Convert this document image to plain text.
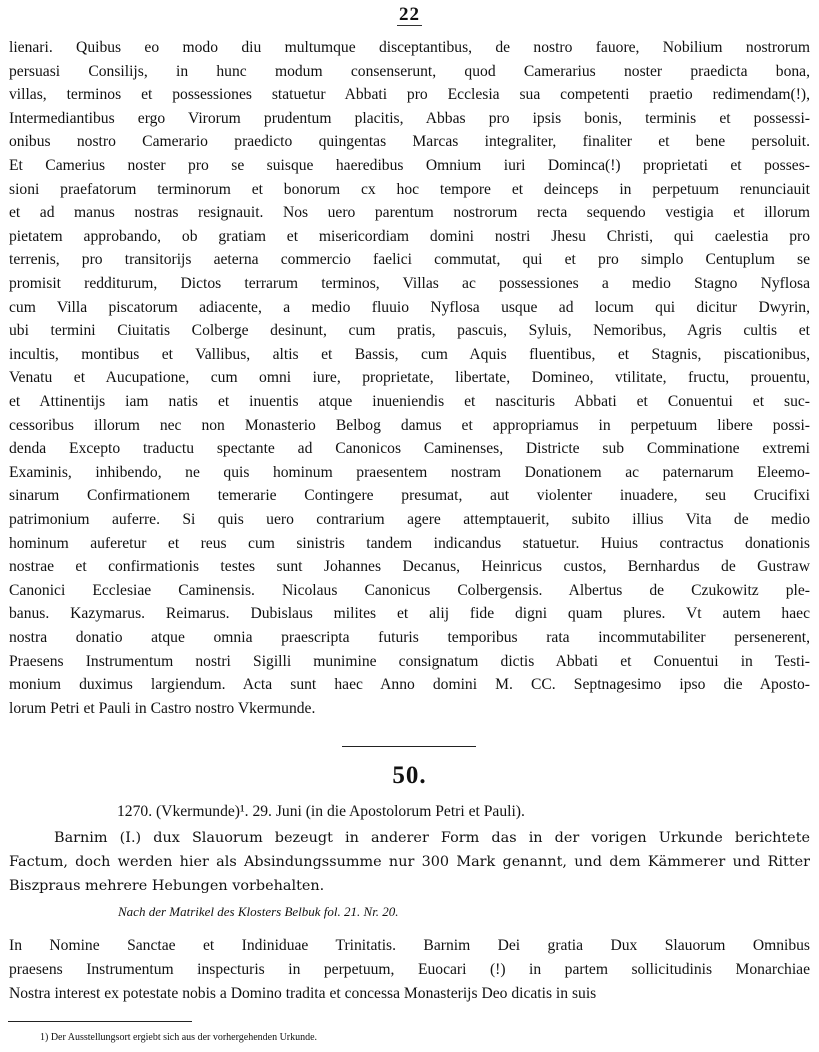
22
lienari. Quibus eo modo diu multumque disceptantibus, de nostro fauore, Nobilium nostrorum
persuasi Consilijs, in hunc modum consenserunt, quod Camerarius noster praedicta bona,
villas, terminos et possessiones statuetur Abbati pro Ecclesia sua competenti praetio redimendam(!),
Intermediantibus ergo Virorum prudentum placitis, Abbas pro ipsis bonis, terminis et possessi-
onibus nostro Camerario praedicto quingentas Marcas integraliter, finaliter et bene persoluit.
Et Camerius noster pro se suisque haeredibus Omnium iuri Dominca(!) proprietati et posses-
sioni praefatorum terminorum et bonorum cx hoc tempore et deinceps in perpetuum renunciauit
et ad manus nostras resignauit. Nos uero parentum nostrorum recta sequendo vestigia et illorum
pietatem approbando, ob gratiam et misericordiam domini nostri Jhesu Christi, qui caelestia pro
terrenis, pro transitorijs aeterna commercio faelici commutat, qui et pro simplo Centuplum se
promisit redditurum, Dictos terrarum terminos, Villas ac possessiones a medio Stagno Nyflosa
cum Villa piscatorum adiacente, a medio fluuio Nyflosa usque ad locum qui dicitur Dwyrin,
ubi termini Ciuitatis Colberge desinunt, cum pratis, pascuis, Syluis, Nemoribus, Agris cultis et
incultis, montibus et Vallibus, altis et Bassis, cum Aquis fluentibus, et Stagnis, piscationibus,
Venatu et Aucupatione, cum omni iure, proprietate, libertate, Domineo, vtilitate, fructu, prouentu,
et Attinentijs iam natis et inuentis atque inueniendis et nascituris Abbati et Conuentui et suc-
cessoribus illorum nec non Monasterio Belbog damus et appropriamus in perpetuum libere possi-
denda Excepto traductu spectante ad Canonicos Caminenses, Districte sub Comminatione extremi
Examinis, inhibendo, ne quis hominum praesentem nostram Donationem ac paternarum Eleemo-
sinarum Confirmationem temerarie Contingere presumat, aut violenter inuadere, seu Crucifixi
patrimonium auferre. Si quis uero contrarium agere attemptauerit, subito illius Vita de medio
hominum auferetur et reus cum sinistris tandem indicandus statuetur. Huius contractus donationis
nostrae et confirmationis testes sunt Johannes Decanus, Heinricus custos, Bernhardus de Gustraw
Canonici Ecclesiae Caminensis. Nicolaus Canonicus Colbergensis. Albertus de Czukowitz ple-
banus. Kazymarus. Reimarus. Dubislaus milites et alij fide digni quam plures. Vt autem haec
nostra donatio atque omnia praescripta futuris temporibus rata incommutabiliter persenerent,
Praesens Instrumentum nostri Sigilli munimine consignatum dictis Abbati et Conuentui in Testi-
monium duximus largiendum. Acta sunt haec Anno domini M. CC. Septnagesimo ipso die Aposto-
lorum Petri et Pauli in Castro nostro Vkermunde.
50.
1270. (Vkermunde)¹. 29. Juni (in die Apostolorum Petri et Pauli).
Barnim (I.) dux Slauorum bezeugt in anderer Form das in der vorigen Urkunde berichtete
Factum, doch werden hier als Absindungssumme nur 300 Mark genannt, und dem Kämmerer und Ritter
Biszpraus mehrere Hebungen vorbehalten.
Nach der Matrikel des Klosters Belbuk fol. 21. Nr. 20.
In Nomine Sanctae et Indiniduae Trinitatis. Barnim Dei gratia Dux Slauorum Omnibus
praesens Instrumentum inspecturis in perpetuum, Euocari (!) in partem sollicitudinis Monarchiae
Nostra interest ex potestate nobis a Domino tradita et concessa Monasterijs Deo dicatis in suis
1) Der Ausstellungsort ergiebt sich aus der vorhergehenden Urkunde.
